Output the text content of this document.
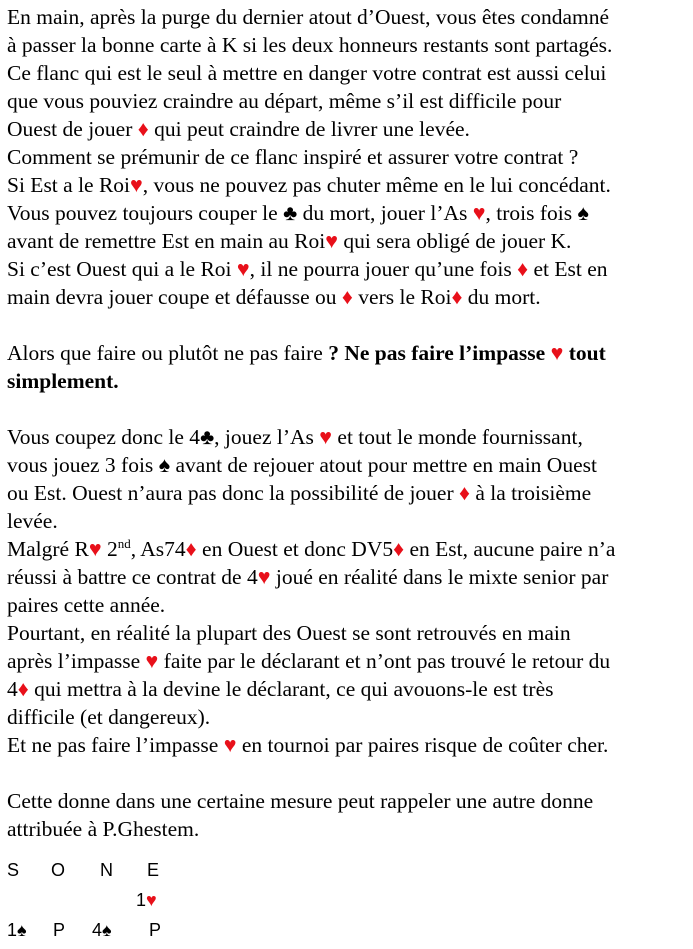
En main, après la purge du dernier atout d’Ouest, vous êtes condamné
à passer la bonne carte à K si les deux honneurs restants sont partagés.
Ce flanc qui est le seul à mettre en danger votre contrat est aussi celui
que vous pouviez craindre au départ, même s’il est difficile pour
Ouest de jouer ♦ qui peut craindre de livrer une levée.
Comment se prémunir de ce flanc inspiré et assurer votre contrat ?
Si Est a le Roi♥, vous ne pouvez pas chuter même en le lui concédant.
Vous pouvez toujours couper le ♣ du mort, jouer l’As ♥, trois fois ♠
avant de remettre Est en main au Roi♥ qui sera obligé de jouer K.
Si c’est Ouest qui a le Roi ♥, il ne pourra jouer qu’une fois ♦ et Est en
main devra jouer coupe et défausse ou ♦ vers le Roi♦ du mort.
Alors que faire ou plutôt ne pas faire ? Ne pas faire l’impasse ♥ tout
simplement.
Vous coupez donc le 4♣, jouez l’As ♥ et tout le monde fournissant,
vous jouez 3 fois ♠ avant de rejouer atout pour mettre en main Ouest
ou Est. Ouest n’aura pas donc la possibilité de jouer ♦ à la troisième
levée.
Malgré R♥ 2nd, As74♦ en Ouest et donc DV5♦ en Est, aucune paire n’a
réussi à battre ce contrat de 4♥ joué en réalité dans le mixte senior par
paires cette année.
Pourtant, en réalité la plupart des Ouest se sont retrouvés en main
après l’impasse ♥ faite par le déclarant et n’ont pas trouvé le retour du
4♦ qui mettra à la devine le déclarant, ce qui avouons-le est très
difficile (et dangereux).
Et ne pas faire l’impasse ♥ en tournoi par paires risque de coûter cher.
Cette donne dans une certaine mesure peut rappeler une autre donne
attribuée à P.Ghestem.
S O N E
1♥
1♠ P 4♠ P
